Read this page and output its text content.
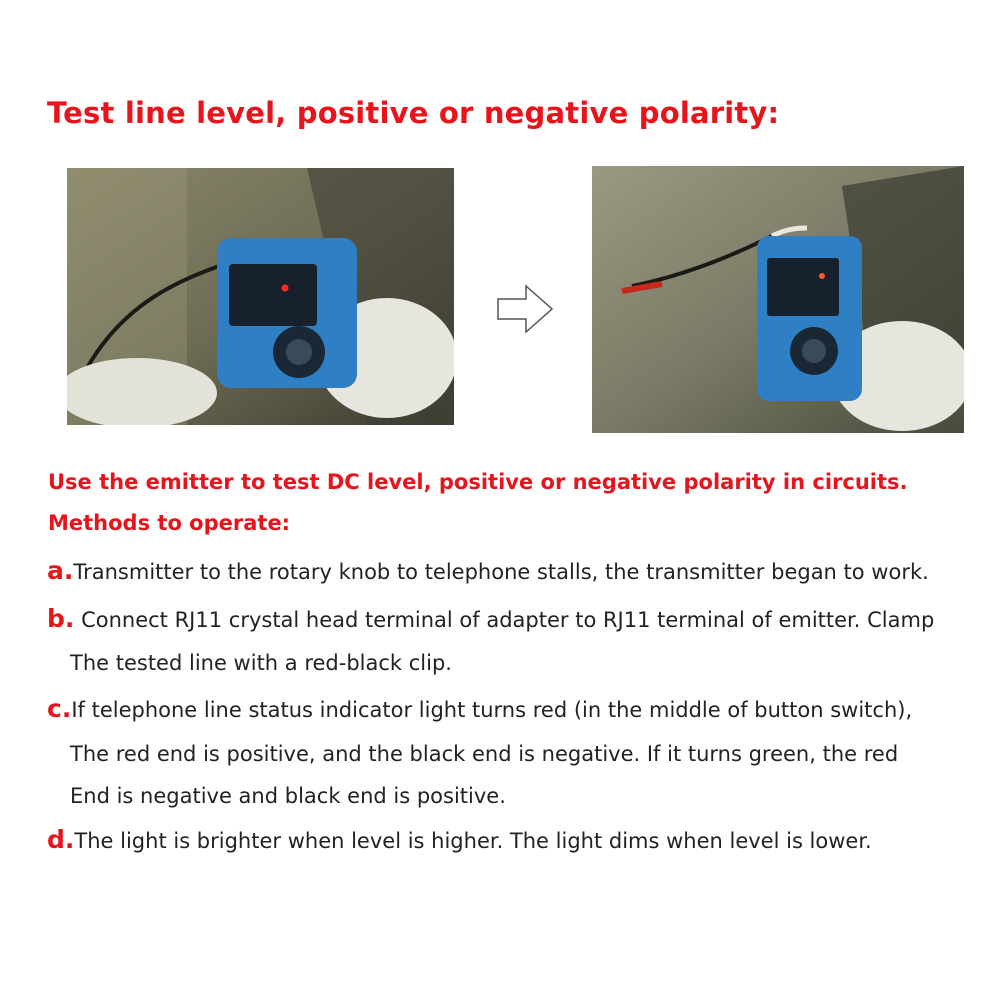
Test line level, positive or negative polarity:
Use the emitter to test DC level, positive or negative polarity in circuits.
Methods to operate:
a.Transmitter to the rotary knob to telephone stalls, the transmitter began to work.
b. Connect RJ11 crystal head terminal of adapter to RJ11 terminal of emitter. Clamp
The tested line with a red-black clip.
c.If telephone line status indicator light turns red (in the middle of button switch),
The red end is positive, and the black end is negative. If it turns green, the red
End is negative and black end is positive.
d.The light is brighter when level is higher. The light dims when level is lower.
